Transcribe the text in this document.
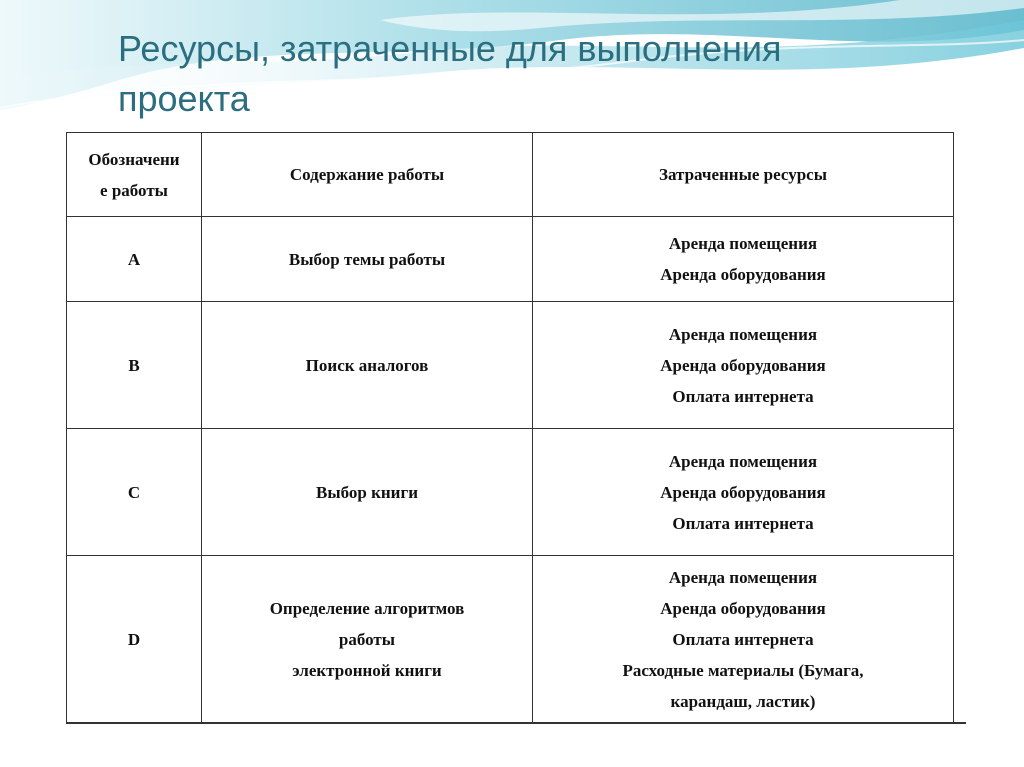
Ресурсы, затраченные для выполнения
проекта
Обозначени
е работы	Содержание работы	Затраченные ресурсы
A	Выбор темы работы	Аренда помещения
Аренда оборудования

B	Поиск аналогов	Аренда помещения
Аренда оборудования
Оплата интернета

C	Выбор книги	Аренда помещения
Аренда оборудования
Оплата интернета

D	Определение алгоритмов
работы
электронной книги	Аренда помещения
Аренда оборудования
Оплата интернета
Расходные материалы (Бумага,
карандаш, ластик)
